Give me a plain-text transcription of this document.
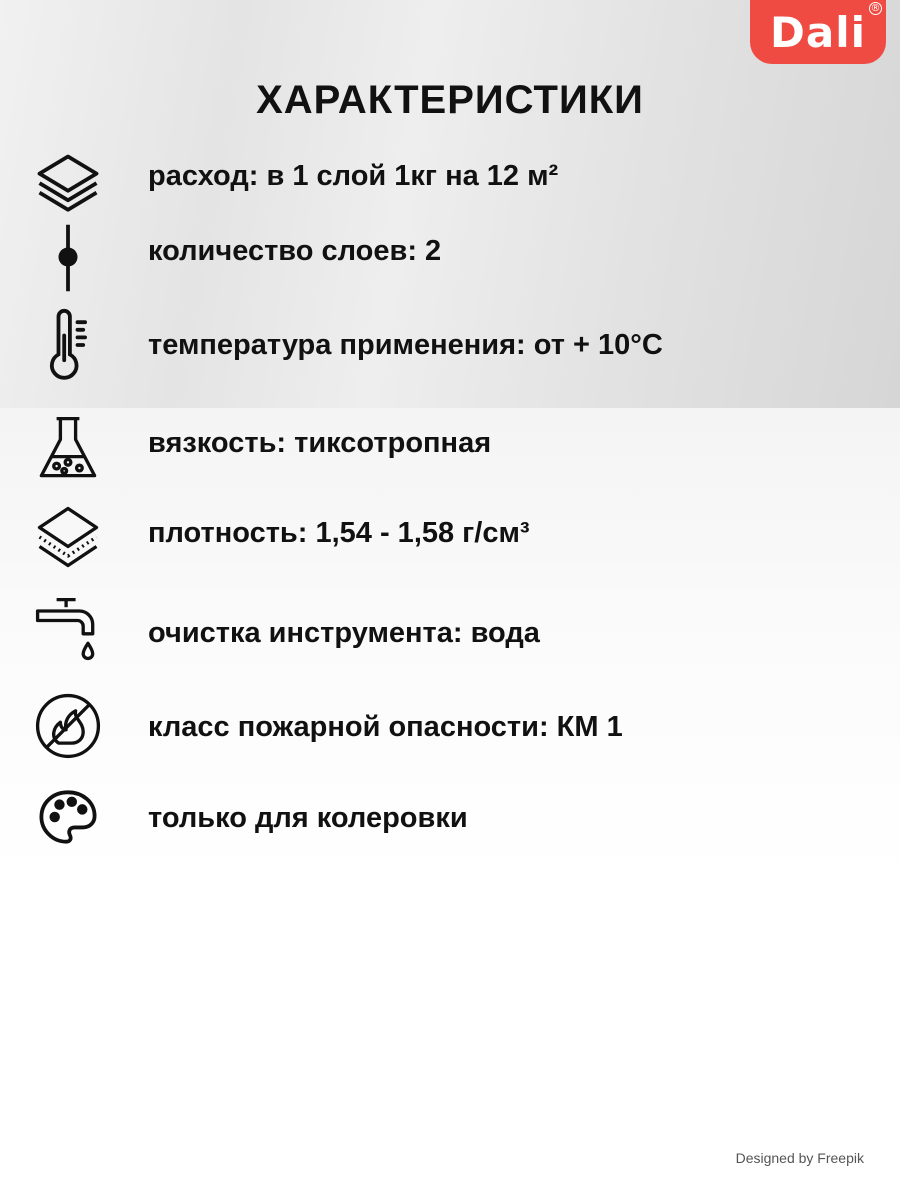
Dali ®
ХАРАКТЕРИСТИКИ
расход: в 1 слой 1кг на 12 м²
количество слоев: 2
температура применения: от + 10°C
вязкость: тиксотропная
плотность: 1,54 - 1,58 г/см³
очистка инструмента: вода
класс пожарной опасности: КМ 1
только для колеровки
Designed by Freepik
